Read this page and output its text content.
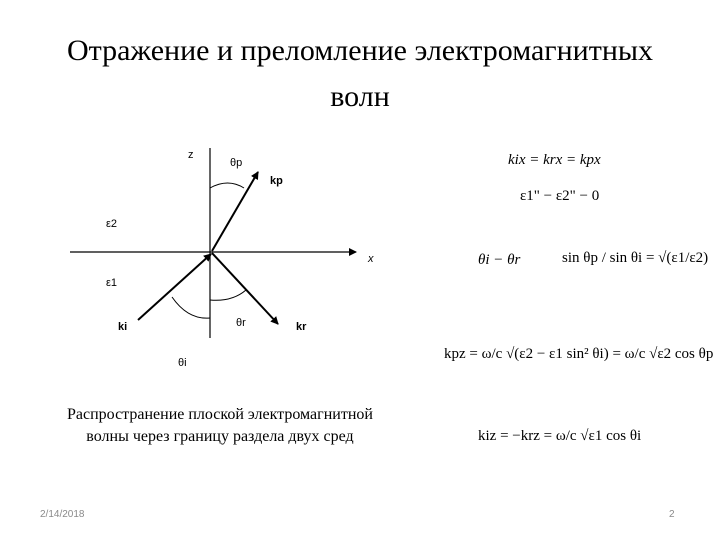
Отражение и преломление электромагнитных
волн
z
x
θp
kp
ε2
ε1
ki	θr	kr
θi
kix = krx = kpx
ε1" − ε2" − 0
θi − θr	sin θp / sin θi = √(ε1/ε2)
kpz = ω/c √(ε2 − ε1 sin² θi) = ω/c √ε2 cos θp
kiz = −krz = ω/c √ε1 cos θi
Распространение плоской электромагнитной
волны через границу раздела двух сред
2/14/2018	2
